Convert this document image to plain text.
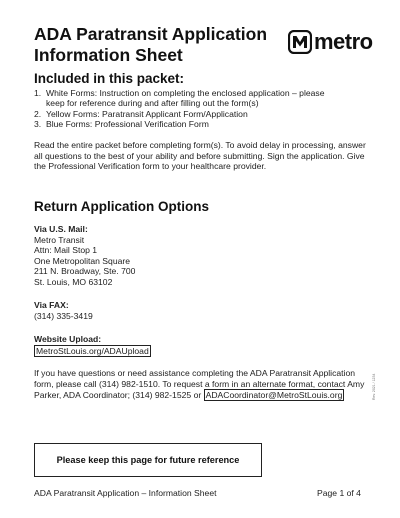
ADA Paratransit Application
Information Sheet
metro
Included in this packet:
1. White Forms: Instruction on completing the enclosed application – please
keep for reference during and after filling out the form(s)
2. Yellow Forms: Paratransit Applicant Form/Application
3. Blue Forms: Professional Verification Form
Read the entire packet before completing form(s). To avoid delay in processing, answer all questions to the best of your ability and before submitting. Sign the application. Give the Professional Verification form to your healthcare provider.
Return Application Options
Via U.S. Mail:
Metro Transit
Attn: Mail Stop 1
One Metropolitan Square
211 N. Broadway, Ste. 700
St. Louis, MO 63102
Via FAX:
(314) 335-3419
Website Upload:
MetroStLouis.org/ADAUpload
If you have questions or need assistance completing the ADA Paratransit Application form, please call (314) 982-1510. To request a form in an alternate format, contact Amy Parker, ADA Coordinator; (314) 982-1525 or ADACoordinator@MetroStLouis.org
Please keep this page for future reference
ADA Paratransit Application – Information Sheet	Page 1 of 4
Rev. 2021 / 1234
